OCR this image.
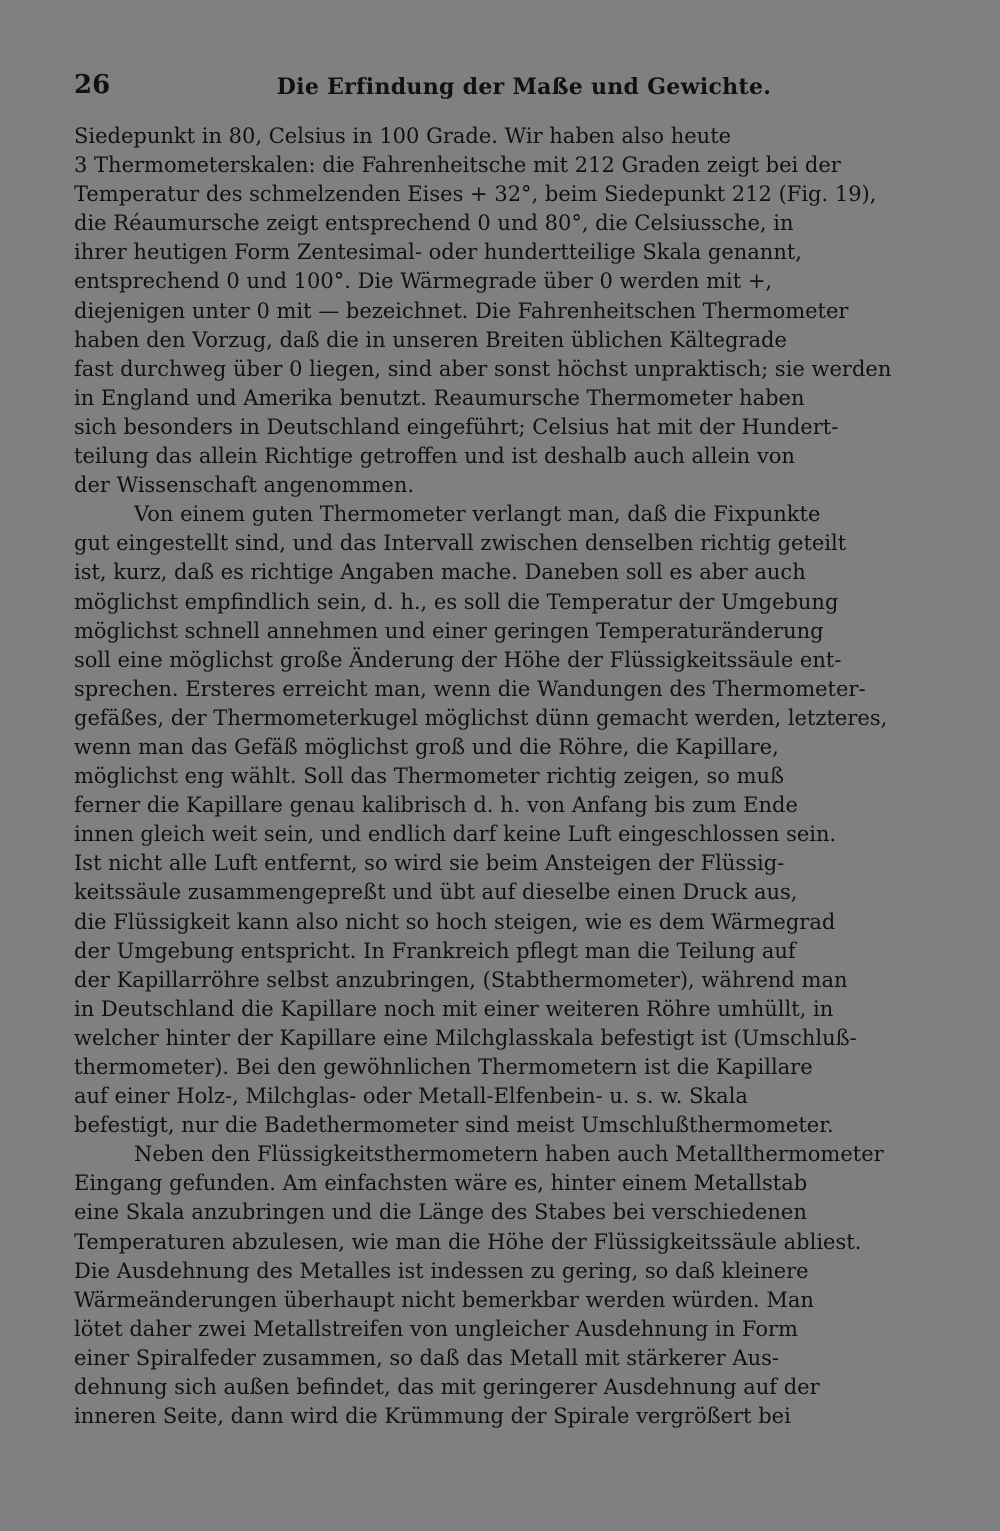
26	Die Erfindung der Maße und Gewichte.
Siedepunkt in 80, Celsius in 100 Grade. Wir haben also heute
3 Thermometerskalen: die Fahrenheitsche mit 212 Graden zeigt bei der
Temperatur des schmelzenden Eises + 32°, beim Siedepunkt 212 (Fig. 19),
die Réaumursche zeigt entsprechend 0 und 80°, die Celsiussche, in
ihrer heutigen Form Zentesimal- oder hundertteilige Skala genannt,
entsprechend 0 und 100°. Die Wärmegrade über 0 werden mit +,
diejenigen unter 0 mit — bezeichnet. Die Fahrenheitschen Thermometer
haben den Vorzug, daß die in unseren Breiten üblichen Kältegrade
fast durchweg über 0 liegen, sind aber sonst höchst unpraktisch; sie werden
in England und Amerika benutzt. Reaumursche Thermometer haben
sich besonders in Deutschland eingeführt; Celsius hat mit der Hundert-
teilung das allein Richtige getroffen und ist deshalb auch allein von
der Wissenschaft angenommen.
Von einem guten Thermometer verlangt man, daß die Fixpunkte
gut eingestellt sind, und das Intervall zwischen denselben richtig geteilt
ist, kurz, daß es richtige Angaben mache. Daneben soll es aber auch
möglichst empfindlich sein, d. h., es soll die Temperatur der Umgebung
möglichst schnell annehmen und einer geringen Temperaturänderung
soll eine möglichst große Änderung der Höhe der Flüssigkeitssäule ent-
sprechen. Ersteres erreicht man, wenn die Wandungen des Thermometer-
gefäßes, der Thermometerkugel möglichst dünn gemacht werden, letzteres,
wenn man das Gefäß möglichst groß und die Röhre, die Kapillare,
möglichst eng wählt. Soll das Thermometer richtig zeigen, so muß
ferner die Kapillare genau kalibrisch d. h. von Anfang bis zum Ende
innen gleich weit sein, und endlich darf keine Luft eingeschlossen sein.
Ist nicht alle Luft entfernt, so wird sie beim Ansteigen der Flüssig-
keitssäule zusammengepreßt und übt auf dieselbe einen Druck aus,
die Flüssigkeit kann also nicht so hoch steigen, wie es dem Wärmegrad
der Umgebung entspricht. In Frankreich pflegt man die Teilung auf
der Kapillarröhre selbst anzubringen, (Stabthermometer), während man
in Deutschland die Kapillare noch mit einer weiteren Röhre umhüllt, in
welcher hinter der Kapillare eine Milchglasskala befestigt ist (Umschluß-
thermometer). Bei den gewöhnlichen Thermometern ist die Kapillare
auf einer Holz-, Milchglas- oder Metall-Elfenbein- u. s. w. Skala
befestigt, nur die Badethermometer sind meist Umschlußthermometer.
Neben den Flüssigkeitsthermometern haben auch Metallthermometer
Eingang gefunden. Am einfachsten wäre es, hinter einem Metallstab
eine Skala anzubringen und die Länge des Stabes bei verschiedenen
Temperaturen abzulesen, wie man die Höhe der Flüssigkeitssäule abliest.
Die Ausdehnung des Metalles ist indessen zu gering, so daß kleinere
Wärmeänderungen überhaupt nicht bemerkbar werden würden. Man
lötet daher zwei Metallstreifen von ungleicher Ausdehnung in Form
einer Spiralfeder zusammen, so daß das Metall mit stärkerer Aus-
dehnung sich außen befindet, das mit geringerer Ausdehnung auf der
inneren Seite, dann wird die Krümmung der Spirale vergrößert bei
